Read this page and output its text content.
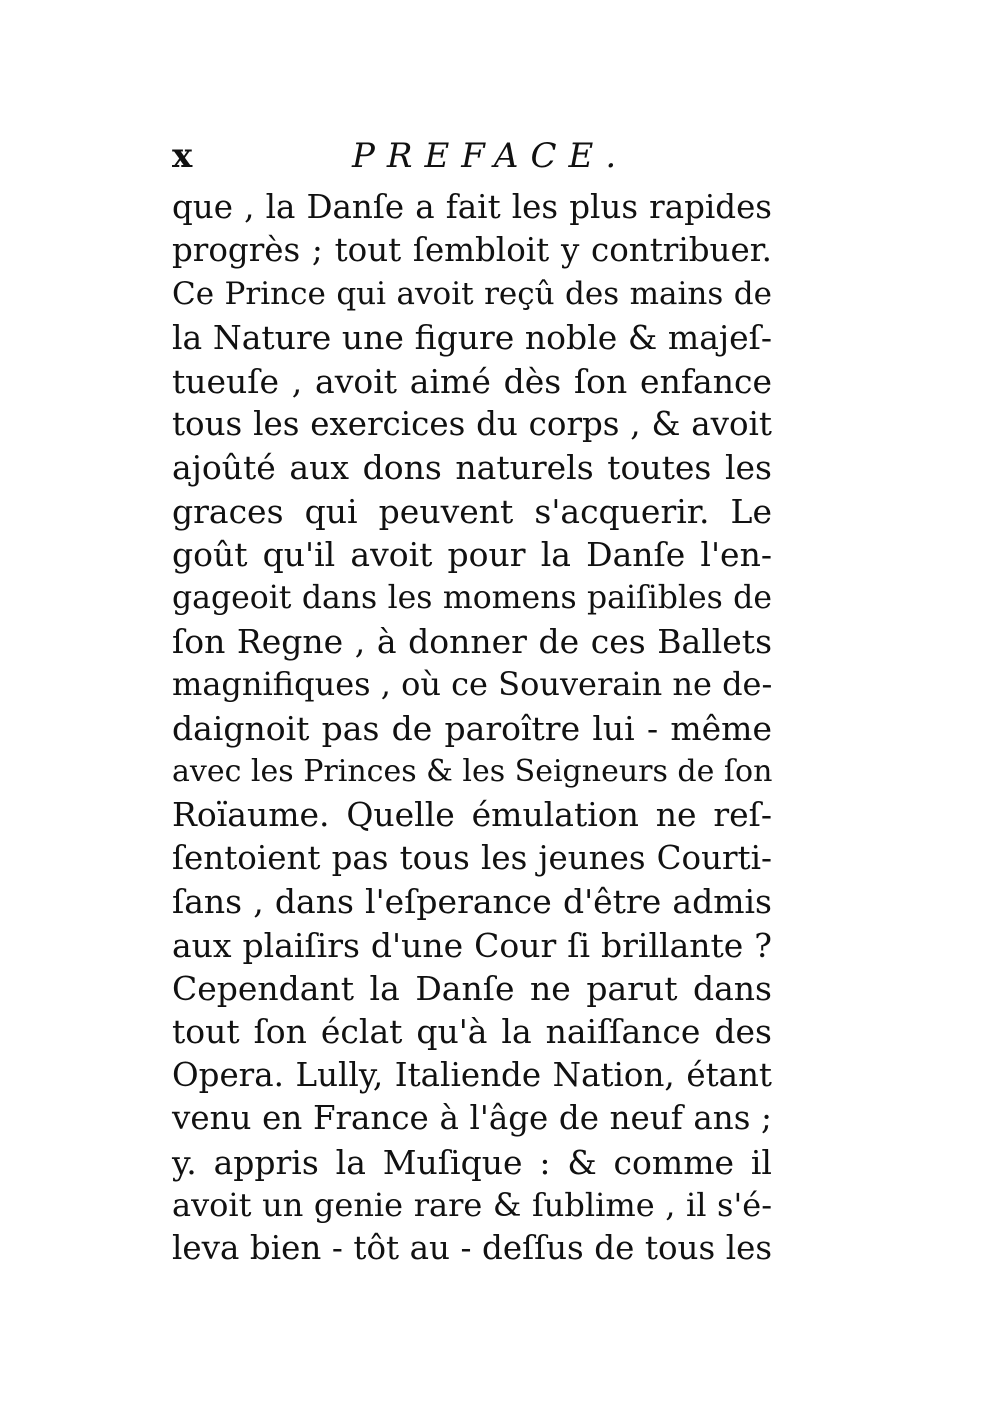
x	PREFACE.
que , la Danſe a fait les plus rapides
progrès ; tout ſembloit y contribuer.
Ce Prince qui avoit reçû des mains de
la Nature une figure noble & majeſ-
tueuſe , avoit aimé dès ſon enfance
tous les exercices du corps , & avoit
ajoûté aux dons naturels toutes les
graces qui peuvent s'acquerir. Le
goût qu'il avoit pour la Danſe l'en-
gageoit dans les momens paiſibles de
ſon Regne , à donner de ces Ballets
magnifiques , où ce Souverain ne de-
daignoit pas de paroître lui - même
avec les Princes & les Seigneurs de ſon
Roïaume. Quelle émulation ne reſ-
ſentoient pas tous les jeunes Courti-
ſans , dans l'eſperance d'être admis
aux plaiſirs d'une Cour ſi brillante ?
Cependant la Danſe ne parut dans
tout ſon éclat qu'à la naiſſance des
Opera. Lully, Italiende Nation, étant
venu en France à l'âge de neuf ans ;
y. appris la Muſique : & comme il
avoit un genie rare & ſublime , il s'é-
leva bien - tôt au - deſſus de tous les
